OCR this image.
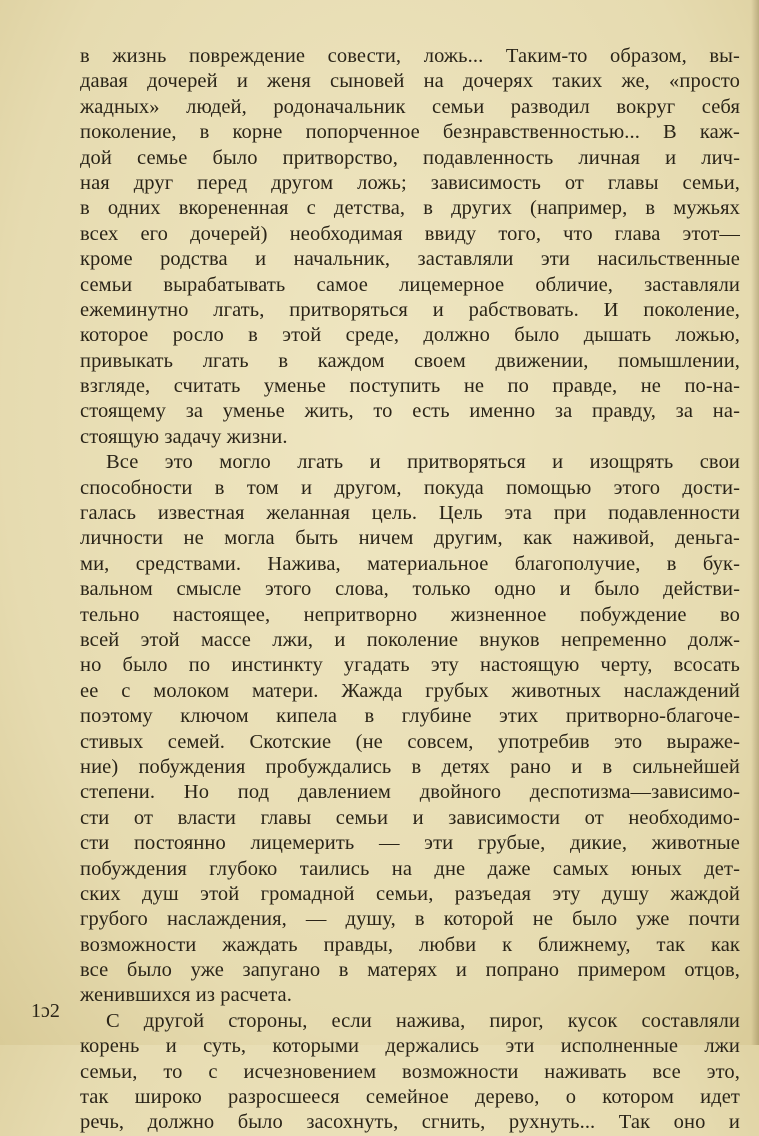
в жизнь повреждение совести, ложь... Таким-то образом, вы-
давая дочерей и женя сыновей на дочерях таких же, «просто
жадных» людей, родоначальник семьи разводил вокруг себя
поколение, в корне попорченное безнравственностью... В каж-
дой семье было притворство, подавленность личная и лич-
ная друг перед другом ложь; зависимость от главы семьи,
в одних вкорененная с детства, в других (например, в мужьях
всех его дочерей) необходимая ввиду того, что глава этот—
кроме родства и начальник, заставляли эти насильственные
семьи вырабатывать самое лицемерное обличие, заставляли
ежеминутно лгать, притворяться и рабствовать. И поколение,
которое росло в этой среде, должно было дышать ложью,
привыкать лгать в каждом своем движении, помышлении,
взгляде, считать уменье поступить не по правде, не по-на-
стоящему за уменье жить, то есть именно за правду, за на-
стоящую задачу жизни.
Все это могло лгать и притворяться и изощрять свои
способности в том и другом, покуда помощью этого дости-
галась известная желанная цель. Цель эта при подавленности
личности не могла быть ничем другим, как наживой, деньга-
ми, средствами. Нажива, материальное благополучие, в бук-
вальном смысле этого слова, только одно и было действи-
тельно настоящее, непритворно жизненное побуждение во
всей этой массе лжи, и поколение внуков непременно долж-
но было по инстинкту угадать эту настоящую черту, всосать
ее с молоком матери. Жажда грубых животных наслаждений
поэтому ключом кипела в глубине этих притворно-благоче-
стивых семей. Скотские (не совсем, употребив это выраже-
ние) побуждения пробуждались в детях рано и в сильнейшей
степени. Но под давлением двойного деспотизма—зависимо-
сти от власти главы семьи и зависимости от необходимо-
сти постоянно лицемерить — эти грубые, дикие, животные
побуждения глубоко таились на дне даже самых юных дет-
ских душ этой громадной семьи, разъедая эту душу жаждой
грубого наслаждения, — душу, в которой не было уже почти
возможности жаждать правды, любви к ближнему, так как
все было уже запугано в матерях и попрано примером отцов,
женившихся из расчета.
С другой стороны, если нажива, пирог, кусок составляли
корень и суть, которыми держались эти исполненные лжи
семьи, то с исчезновением возможности наживать все это,
так широко разросшееся семейное дерево, о котором идет
речь, должно было засохнуть, сгнить, рухнуть... Так оно и
1ɔ2
